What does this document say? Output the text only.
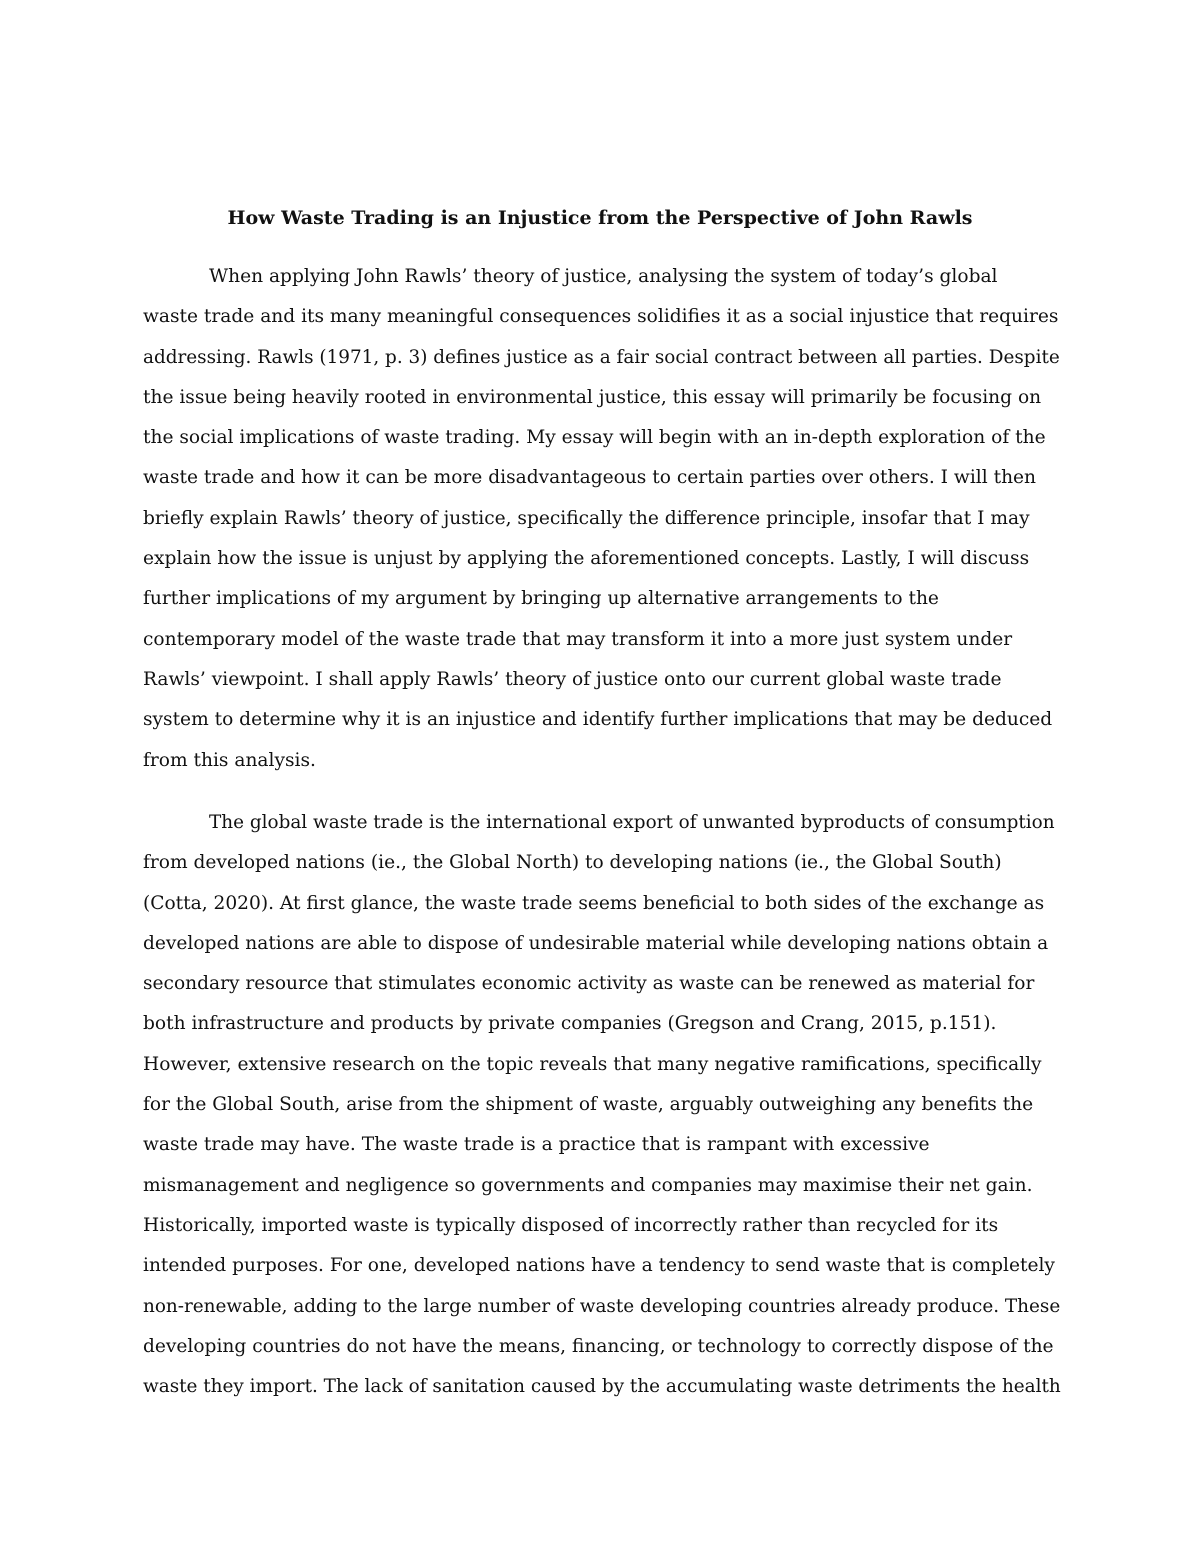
How Waste Trading is an Injustice from the Perspective of John Rawls
When applying John Rawls’ theory of justice, analysing the system of today’s global
waste trade and its many meaningful consequences solidifies it as a social injustice that requires
addressing. Rawls (1971, p. 3) defines justice as a fair social contract between all parties. Despite
the issue being heavily rooted in environmental justice, this essay will primarily be focusing on
the social implications of waste trading. My essay will begin with an in-depth exploration of the
waste trade and how it can be more disadvantageous to certain parties over others. I will then
briefly explain Rawls’ theory of justice, specifically the difference principle, insofar that I may
explain how the issue is unjust by applying the aforementioned concepts. Lastly, I will discuss
further implications of my argument by bringing up alternative arrangements to the
contemporary model of the waste trade that may transform it into a more just system under
Rawls’ viewpoint. I shall apply Rawls’ theory of justice onto our current global waste trade
system to determine why it is an injustice and identify further implications that may be deduced
from this analysis.
The global waste trade is the international export of unwanted byproducts of consumption
from developed nations (ie., the Global North) to developing nations (ie., the Global South)
(Cotta, 2020). At first glance, the waste trade seems beneficial to both sides of the exchange as
developed nations are able to dispose of undesirable material while developing nations obtain a
secondary resource that stimulates economic activity as waste can be renewed as material for
both infrastructure and products by private companies (Gregson and Crang, 2015, p.151).
However, extensive research on the topic reveals that many negative ramifications, specifically
for the Global South, arise from the shipment of waste, arguably outweighing any benefits the
waste trade may have. The waste trade is a practice that is rampant with excessive
mismanagement and negligence so governments and companies may maximise their net gain.
Historically, imported waste is typically disposed of incorrectly rather than recycled for its
intended purposes. For one, developed nations have a tendency to send waste that is completely
non-renewable, adding to the large number of waste developing countries already produce. These
developing countries do not have the means, financing, or technology to correctly dispose of the
waste they import. The lack of sanitation caused by the accumulating waste detriments the health
